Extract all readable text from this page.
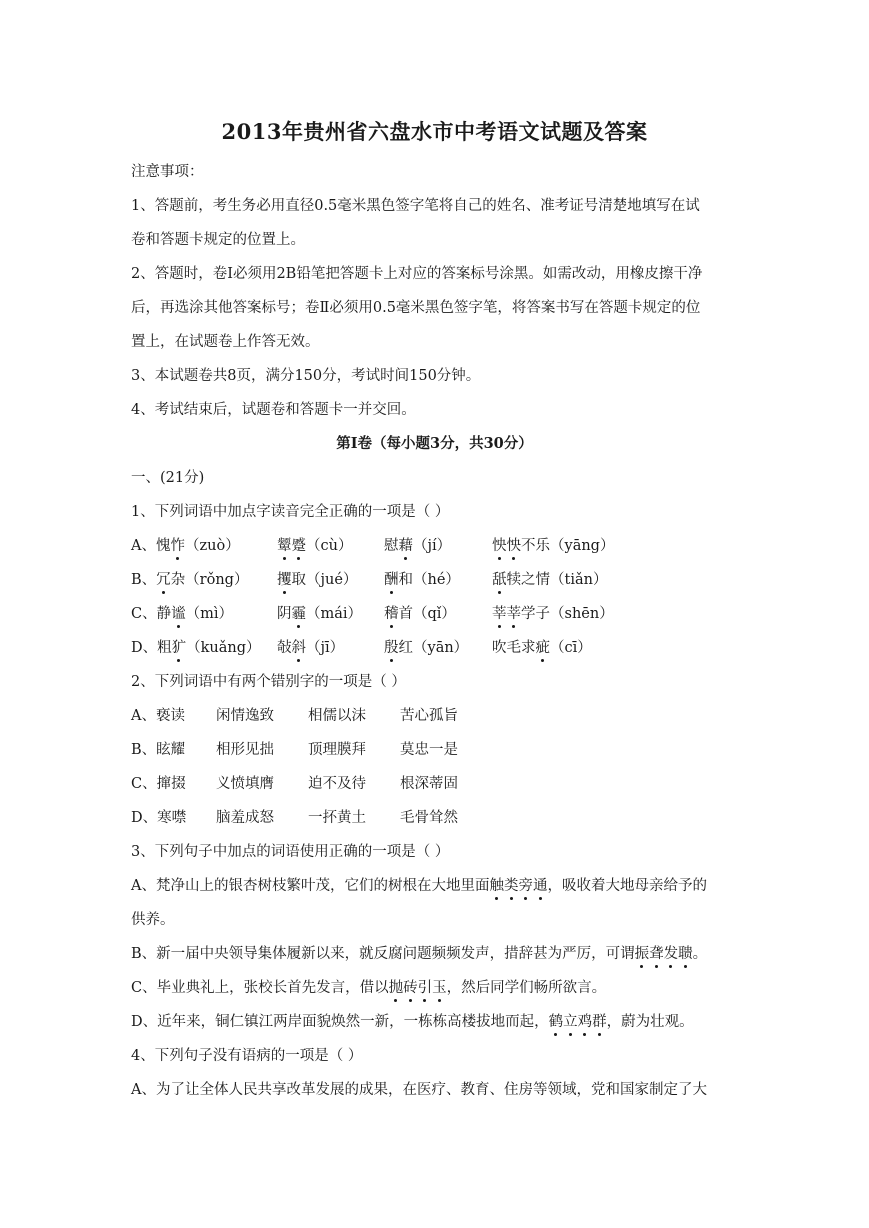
2013年贵州省六盘水市中考语文试题及答案
注意事项：
1、答题前，考生务必用直径0.5毫米黑色签字笔将自己的姓名、准考证号清楚地填写在试
卷和答题卡规定的位置上。
2、答题时，卷Ⅰ必须用2B铅笔把答题卡上对应的答案标号涂黑。如需改动，用橡皮擦干净
后，再选涂其他答案标号；卷Ⅱ必须用0.5毫米黑色签字笔，将答案书写在答题卡规定的位
置上，在试题卷上作答无效。
3、本试题卷共8页，满分150分，考试时间150分钟。
4、考试结束后，试题卷和答题卡一并交回。
第Ⅰ卷（每小题3分，共30分）
一、(21分)
1、下列词语中加点字读音完全正确的一项是（ ）
A、愧怍（zuò）	颦蹙（cù） 慰藉（jí）	怏怏不乐（yāng）
B、冗杂（rǒng） 攫取（jué） 酬和（hé） 舐犊之情（tiǎn）
C、静谧（mì）	阴霾（mái） 稽首（qǐ） 莘莘学子（shēn）
D、粗犷（kuǎng） 敧斜（jī）	殷红（yān） 吹毛求疵（cī）
2、下列词语中有两个错别字的一项是（ ）
A、亵读 闲情逸致 相儒以沫 苦心孤旨
B、眩耀 相形见拙 顶理膜拜 莫忠一是
C、撺掇 义愤填膺 迫不及待 根深蒂固
D、寒噤 脑羞成怒 一抔黄土 毛骨耸然
3、下列句子中加点的词语使用正确的一项是（ ）
A、梵净山上的银杏树枝繁叶茂，它们的树根在大地里面触类旁通，吸收着大地母亲给予的
供养。
B、新一届中央领导集体履新以来，就反腐问题频频发声，措辞甚为严厉，可谓振聋发聩。
C、毕业典礼上，张校长首先发言，借以抛砖引玉，然后同学们畅所欲言。
D、近年来，铜仁镇江两岸面貌焕然一新，一栋栋高楼拔地而起，鹤立鸡群，蔚为壮观。
4、下列句子没有语病的一项是（ ）
A、为了让全体人民共享改革发展的成果，在医疗、教育、住房等领域，党和国家制定了大
